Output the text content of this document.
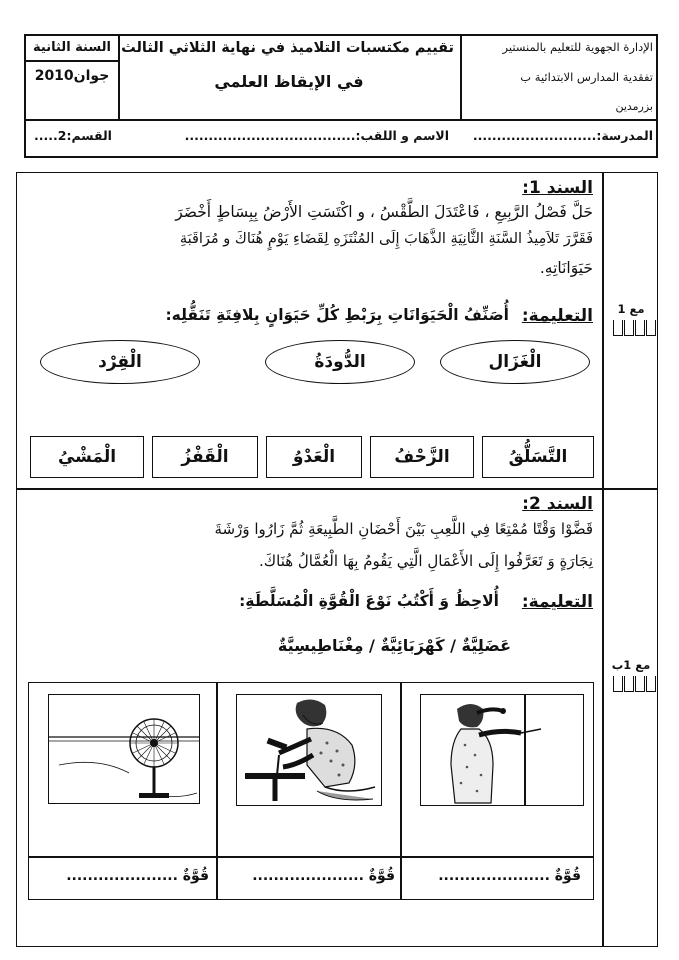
الإدارة الجهوية للتعليم بالمنستير
تفقدية المدارس الابتدائية ب
بزرمدين
تقييم مكتسبات التلاميذ في نهاية الثلاثي الثالث
في الإيقاظ العلمي
السنة الثانية
جوان2010
المدرسة:..........................
الاسم و اللقب:....................................
القسم:2.....
السند 1:
حَلَّ فَصْلُ الرَّبِيعِ ، فَاعْتَدَلَ الطَّقْسُ ، و اكْتَسَتِ الأَرْضُ بِبِسَاطٍ أَخْضَرَ
فَقَرَّرَ تَلاَمِيذُ السَّنَةِ الثَّانِيَةِ الذَّهَابَ إِلَى المُنْتَزَهِ لِقَضَاءِ يَوْمٍ هُنَاكَ و مُرَاقَبَةِ
حَيَوَانَاتِهِ.
التعليمة:
أُصَنِّفُ الْحَيَوَانَاتِ بِرَبْطِ كُلِّ حَيَوَانٍ بِلافِتَةِ تَنَقُّلِه:	مع 1
الْغَزَال
الدُّودَةُ
الْقِرْد
التَّسَلُّقُ
الزَّحْفُ
الْعَدْوُ
الْقَفْزُ
الْمَشْيُ
السند 2:
قَضَّوْا وَقْتًا مُمْتِعًا فِي اللَّعِبِ بَيْنَ أَحْضَانِ الطَّبِيعَةِ ثُمَّ زَارُوا وَرْشَةَ
نِجَارَةٍ وَ تَعَرَّفُوا إِلَى الأَعْمَالِ الَّتِي يَقُومُ بِهَا الْعُمَّالُ هُنَاكَ.
التعليمة:
أُلاحِظُ وَ أَكْتُبُ نَوْعَ الْقُوَّةِ الْمُسَلَّطَةِ:
عَضَلِيَّةٌ / كَهْرَبَائِيَّةٌ / مِغْنَاطِيسِيَّةٌ
مع 1ب
قُوَّةٌ .....................
قُوَّةٌ .....................
قُوَّةٌ .....................
